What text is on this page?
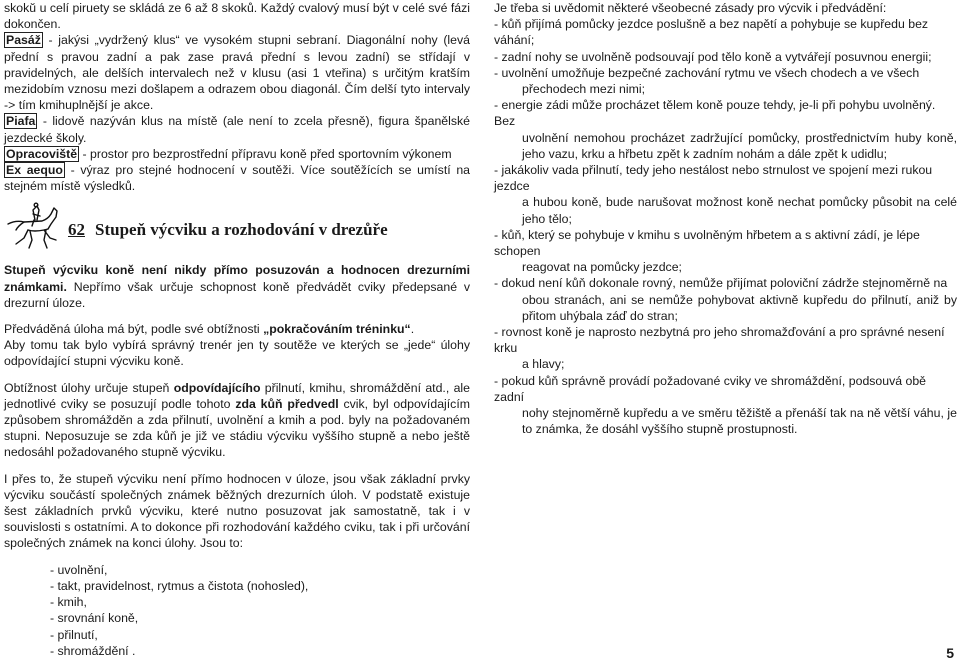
skokŭ u celí piruety se skládá ze 6 až 8 skoků. Každý cvalový musí být v celé své fázi dokončen.

Pasáž - jakýsi „vydržený klus“ ve vysokém stupni sebraní. Diagonální nohy (levá přední s pravou zadní a pak zase pravá přední s levou zadní) se střídají v pravidelných, ale delších intervalech než v klusu (asi 1 vteřina) s určitým kratším mezidobím vznosu mezi došlapem a odrazem obou diagonál. Čím delší tyto intervaly -> tím kmihuplnější je akce.

Piafa - lidově nazýván klus na místě (ale není to zcela přesně), figura španělské jezdecké školy.

Opracoviště - prostor pro bezprostřední přípravu koně před sportovním výkonem

Ex aequo - výraz pro stejné hodnocení v soutěži. Více soutěžících se umístí na stejném místě výsledků.

62 Stupeň výcviku a rozhodování v drezůře

Stupeň výcviku koně není nikdy přímo posuzován a hodnocen drezurními známkami. Nepřímo však určuje schopnost koně předvádět cviky předepsané v drezurní úloze.

Předváděná úloha má být, podle své obtížnosti „pokračováním tréninku“.

Aby tomu tak bylo vybírá správný trenér jen ty soutěže ve kterých se „jede“ úlohy odpovídající stupni výcviku koně.

Obtížnost úlohy určuje stupeň odpovídajícího přilnutí, kmihu, shromáždění atd., ale jednotlivé cviky se posuzují podle tohoto zda kůň předvedl cvik, byl odpovídajícím způsobem shromážděn a zda přilnutí, uvolnění a kmih a pod. byly na požadovaném stupni. Neposuzuje se zda kůň je již ve stádiu výcviku vyššího stupně a nebo ještě nedosáhl požadovaného stupně výcviku.

I přes to, že stupeň výcviku není přímo hodnocen v úloze, jsou však základní prvky výcviku součástí společných známek běžných drezurních úloh. V podstatě existuje šest základních prvků výcviku, které nutno posuzovat jak samostatně, tak i v souvislosti s ostatními. A to dokonce při rozhodování každého cviku, tak i při určování společných známek na konci úlohy. Jsou to:

- uvolnění,

- takt, pravidelnost, rytmus a čistota (nohosled),

- kmih,

- srovnání koně,

- přilnutí,

- shromáždění .

Je třeba si uvědomit některé všeobecné zásady pro výcvik i předvádění:

- kůň přijímá pomůcky jezdce poslušně a bez napětí a pohybuje se kupředu bez váhání;

- zadní nohy se uvolněně podsouvají pod tělo koně a vytvářejí posuvnou energii;

- uvolnění umožňuje bezpečné zachování rytmu ve všech chodech a ve všech
přechodech mezi nimi;

- energie zádi může procházet tělem koně pouze tehdy, je-li při pohybu uvolněný. Bez
uvolnění nemohou procházet zadržující pomůcky, prostřednictvím huby koně, jeho vazu, krku a hřbetu zpět k zadním nohám a dále zpět k udidlu;

- jakákoliv vada přilnutí, tedy jeho nestálost nebo strnulost ve spojení mezi rukou jezdce
a hubou koně, bude narušovat možnost koně nechat pomůcky působit na celé jeho tělo;

- kůň, který se pohybuje v kmihu s uvolněným hřbetem a s aktivní zádí, je lépe schopen
reagovat na pomůcky jezdce;

- dokud není kůň dokonale rovný, nemůže přijímat poloviční zádrže stejnoměrně na
obou stranách, ani se nemůže pohybovat aktivně kupředu do přilnutí, aniž by přitom uhýbala záď do stran;

- rovnost koně je naprosto nezbytná pro jeho shromažďování a pro správné nesení krku
a hlavy;

- pokud kůň správně provádí požadované cviky ve shromáždění, podsouvá obě zadní
nohy stejnoměrně kupředu a ve směru těžiště a přenáší tak na ně větší váhu, je to známka, že dosáhl vyššího stupně prostupnosti.

5
